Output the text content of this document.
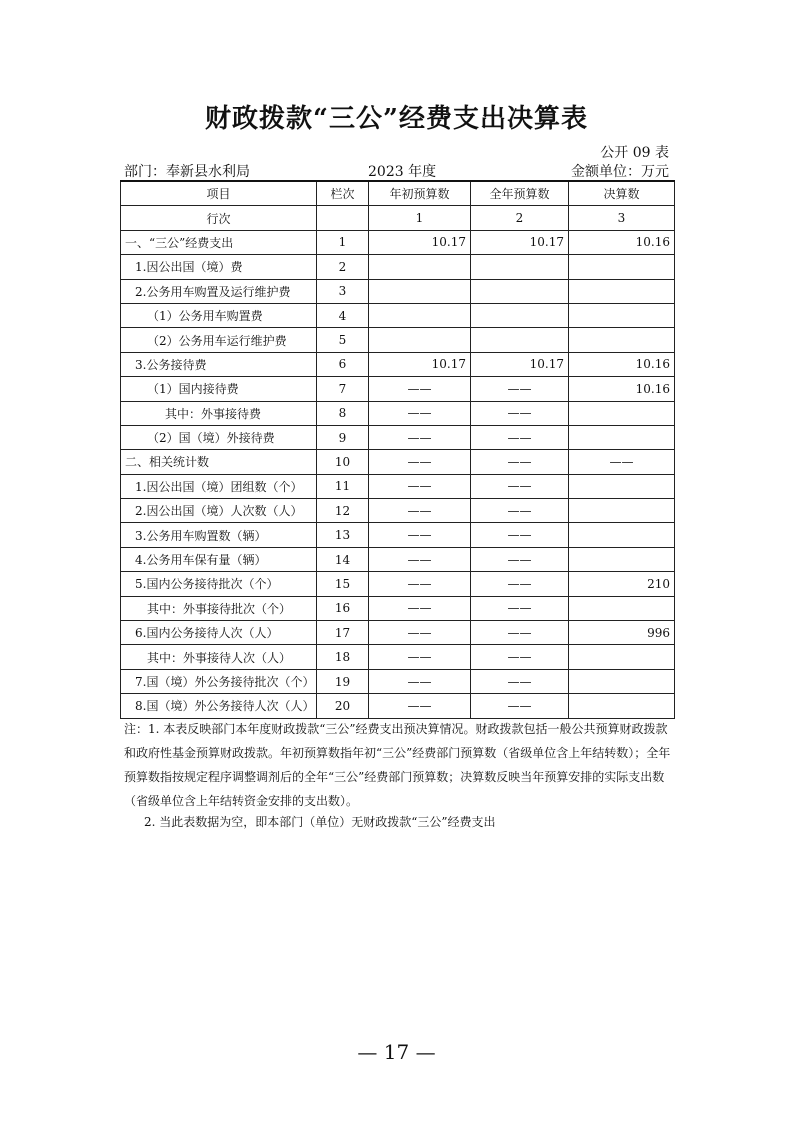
财政拨款“三公”经费支出决算表
公开 09 表
部门：奉新县水利局	2023 年度	金额单位：万元
项目	栏次	年初预算数	全年预算数	决算数
行次		1	2	3
一、“三公”经费支出	1	10.17	10.17	10.16
1.因公出国（境）费	2			
2.公务用车购置及运行维护费	3			
（1）公务用车购置费	4			
（2）公务用车运行维护费	5			
3.公务接待费	6	10.17	10.17	10.16
（1）国内接待费	7	——	——	10.16
其中：外事接待费	8	——	——	
（2）国（境）外接待费	9	——	——	
二、相关统计数	10	——	——	——
1.因公出国（境）团组数（个）	11	——	——	
2.因公出国（境）人次数（人）	12	——	——	
3.公务用车购置数（辆）	13	——	——	
4.公务用车保有量（辆）	14	——	——	
5.国内公务接待批次（个）	15	——	——	210
其中：外事接待批次（个）	16	——	——	
6.国内公务接待人次（人）	17	——	——	996
其中：外事接待人次（人）	18	——	——	
7.国（境）外公务接待批次（个）	19	——	——	
8.国（境）外公务接待人次（人）	20	——	——	
注：1. 本表反映部门本年度财政拨款“三公”经费支出预决算情况。财政拨款包括一般公共预算财政拨款和政府性基金预算财政拨款。年初预算数指年初“三公”经费部门预算数（省级单位含上年结转数）；全年预算数指按规定程序调整调剂后的全年“三公”经费部门预算数；决算数反映当年预算安排的实际支出数（省级单位含上年结转资金安排的支出数）。
2. 当此表数据为空，即本部门（单位）无财政拨款“三公”经费支出
— 17 —
